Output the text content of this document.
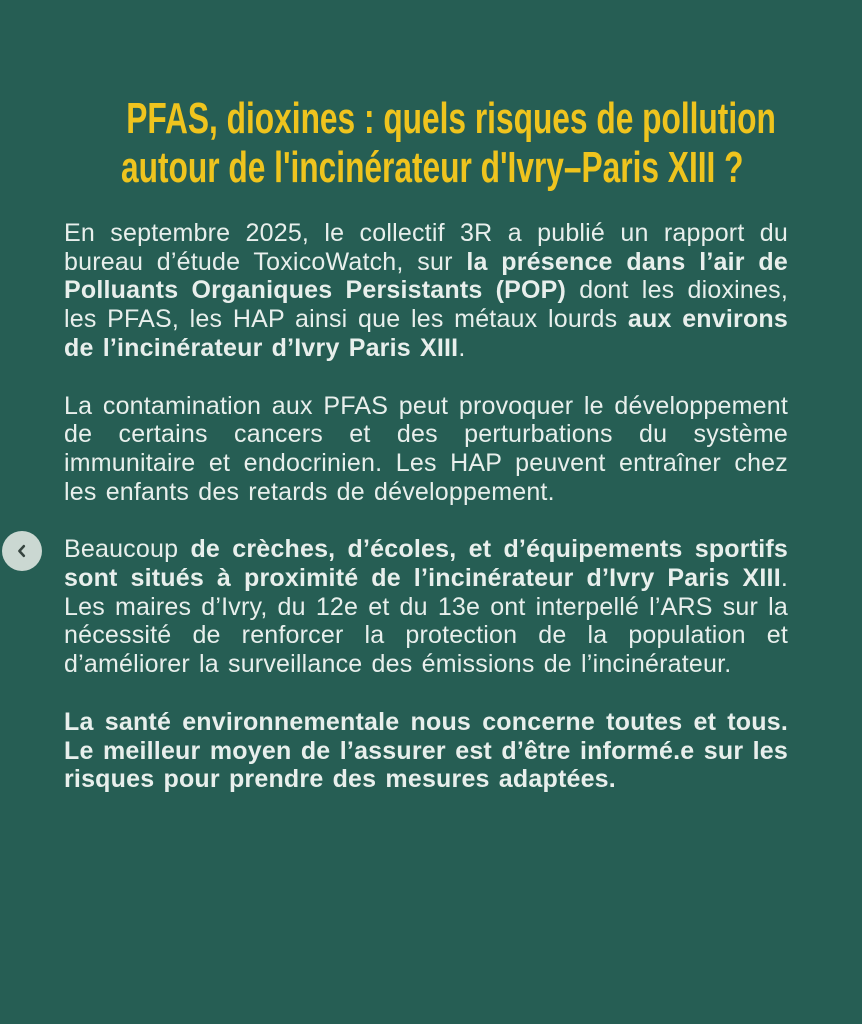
PFAS, dioxines : quels risques de pollution
autour de l'incinérateur d'Ivry–Paris XIII ?

En septembre 2025, le collectif 3R a publié un rapport du bureau d’étude ToxicoWatch, sur la présence dans l’air de Polluants Organiques Persistants (POP) dont les dioxines, les PFAS, les HAP ainsi que les métaux lourds aux environs de l’incinérateur d’Ivry Paris XIII.

La contamination aux PFAS peut provoquer le développement de certains cancers et des perturbations du système immunitaire et endocrinien. Les HAP peuvent entraîner chez les enfants des retards de développement.

Beaucoup de crèches, d’écoles, et d’équipements sportifs sont situés à proximité de l’incinérateur d’Ivry Paris XIII. Les maires d’Ivry, du 12e et du 13e ont interpellé l’ARS sur la nécessité de renforcer la protection de la population et d’améliorer la surveillance des émissions de l’incinérateur.

La santé environnementale nous concerne toutes et tous. Le meilleur moyen de l’assurer est d’être informé.e sur les risques pour prendre des mesures adaptées.
